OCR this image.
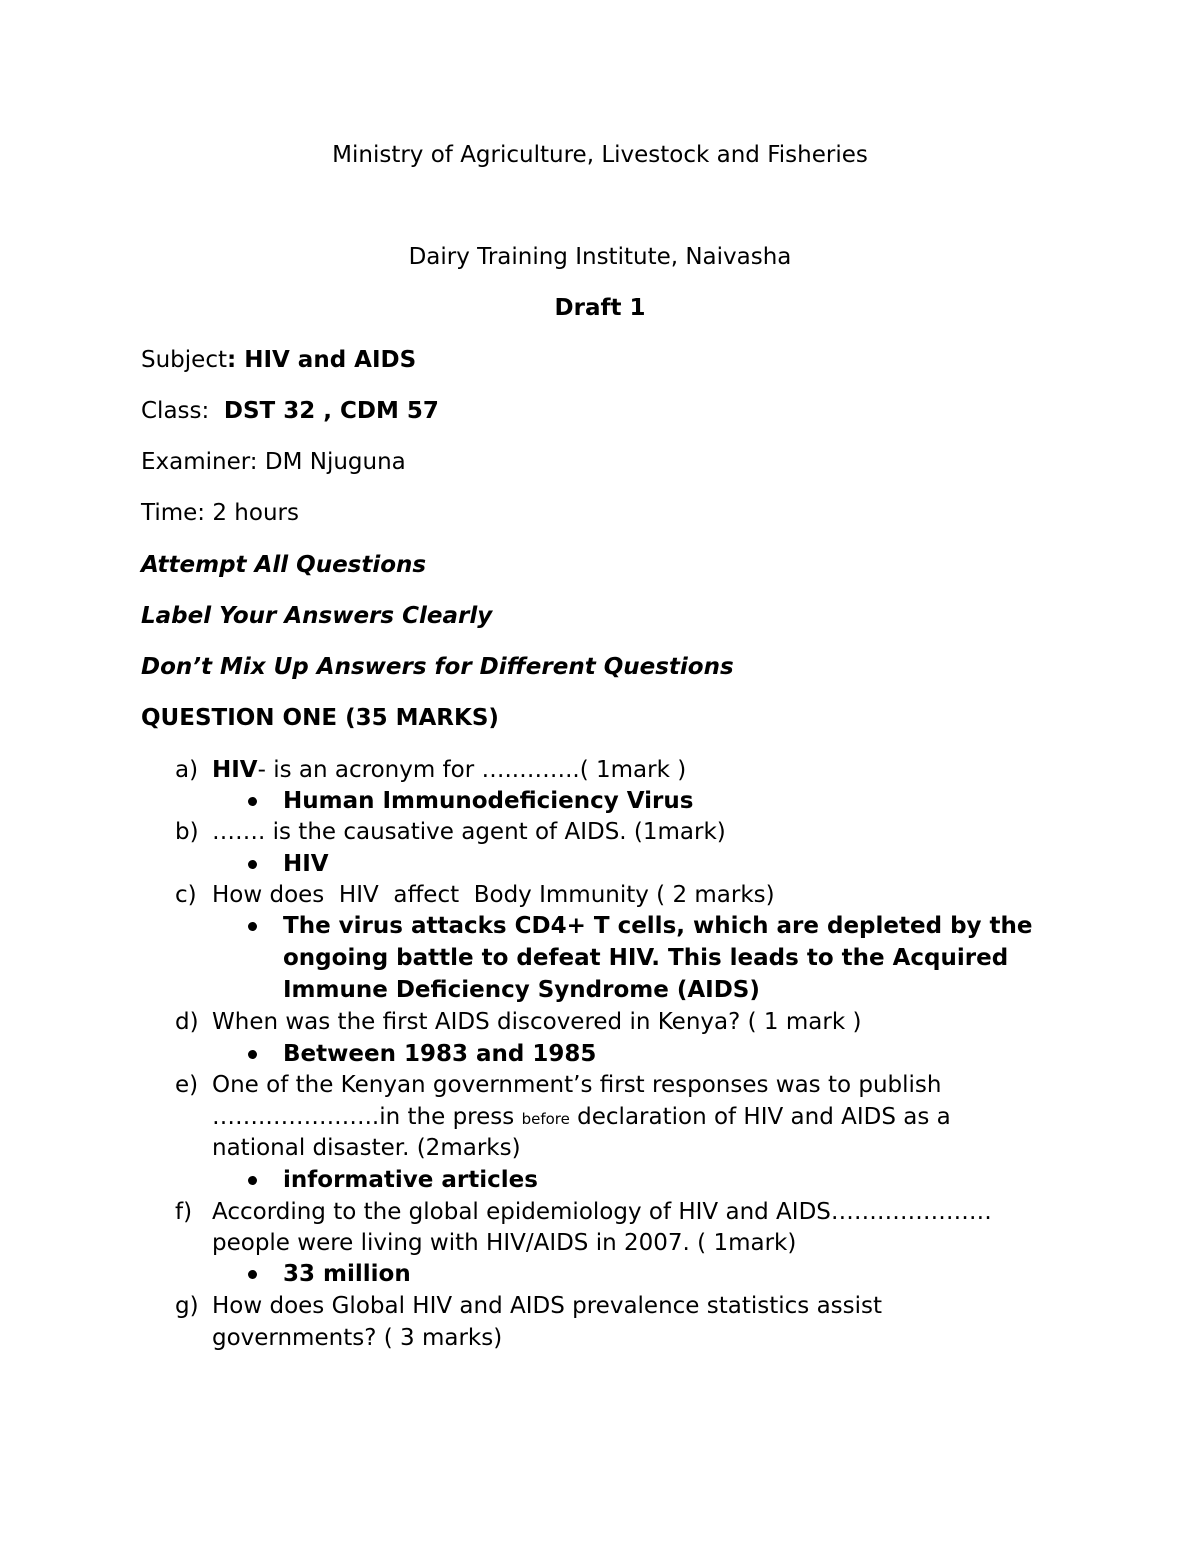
Ministry of Agriculture, Livestock and Fisheries
Dairy Training Institute, Naivasha
Draft 1
Subject: HIV and AIDS
Class:  DST 32 , CDM 57
Examiner: DM Njuguna
Time: 2 hours
Attempt All Questions
Label Your Answers Clearly
Don’t Mix Up Answers for Different Questions
QUESTION ONE (35 MARKS)
a) HIV- is an acronym for …..……..( 1mark )
Human Immunodeficiency Virus
b) ……. is the causative agent of AIDS. (1mark)
HIV
c) How does  HIV  affect  Body Immunity ( 2 marks)
The virus attacks CD4+ T cells, which are depleted by the
ongoing battle to defeat HIV. This leads to the Acquired
Immune Deficiency Syndrome (AIDS)
d) When was the first AIDS discovered in Kenya? ( 1 mark )
Between 1983 and 1985
e) One of the Kenyan government’s first responses was to publish
…….……….…..in the press before declaration of HIV and AIDS as a
national disaster. (2marks)
informative articles
f) According to the global epidemiology of HIV and AIDS…………………
people were living with HIV/AIDS in 2007. ( 1mark)
33 million
g) How does Global HIV and AIDS prevalence statistics assist
governments? ( 3 marks)
